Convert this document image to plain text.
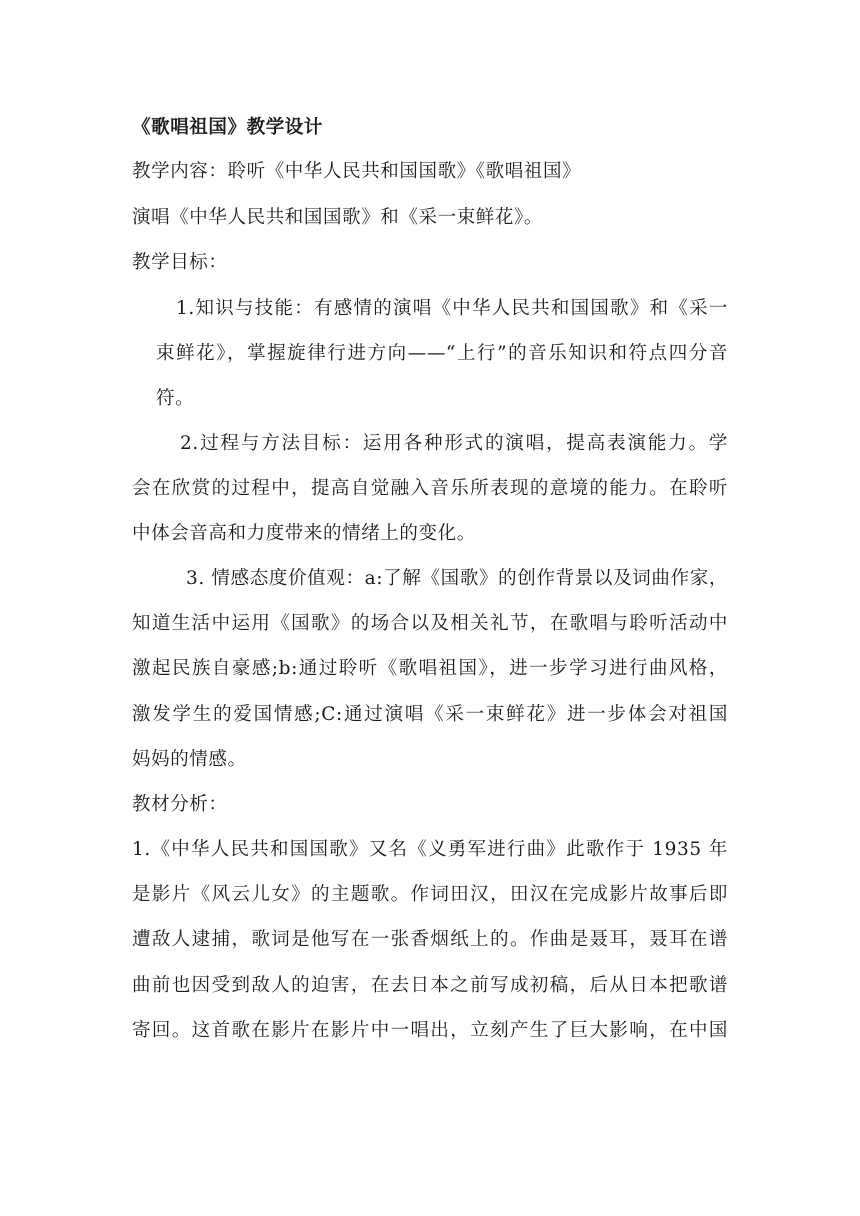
《歌唱祖国》教学设计
教学内容：聆听《中华人民共和国国歌》《歌唱祖国》
演唱《中华人民共和国国歌》和《采一束鲜花》。
教学目标：
1.知识与技能：有感情的演唱《中华人民共和国国歌》和《采一
束鲜花》，掌握旋律行进方向——“上行”的音乐知识和符点四分音
符。
2.过程与方法目标：运用各种形式的演唱，提高表演能力。学
会在欣赏的过程中，提高自觉融入音乐所表现的意境的能力。在聆听
中体会音高和力度带来的情绪上的变化。
3. 情感态度价值观：a:了解《国歌》的创作背景以及词曲作家，
知道生活中运用《国歌》的场合以及相关礼节，在歌唱与聆听活动中
激起民族自豪感;b:通过聆听《歌唱祖国》，进一步学习进行曲风格，
激发学生的爱国情感;C:通过演唱《采一束鲜花》进一步体会对祖国
妈妈的情感。
教材分析：
1.《中华人民共和国国歌》又名《义勇军进行曲》此歌作于 1935 年
是影片《风云儿女》的主题歌。作词田汉，田汉在完成影片故事后即
遭敌人逮捕，歌词是他写在一张香烟纸上的。作曲是聂耳，聂耳在谱
曲前也因受到敌人的迫害，在去日本之前写成初稿，后从日本把歌谱
寄回。这首歌在影片在影片中一唱出，立刻产生了巨大影响，在中国
